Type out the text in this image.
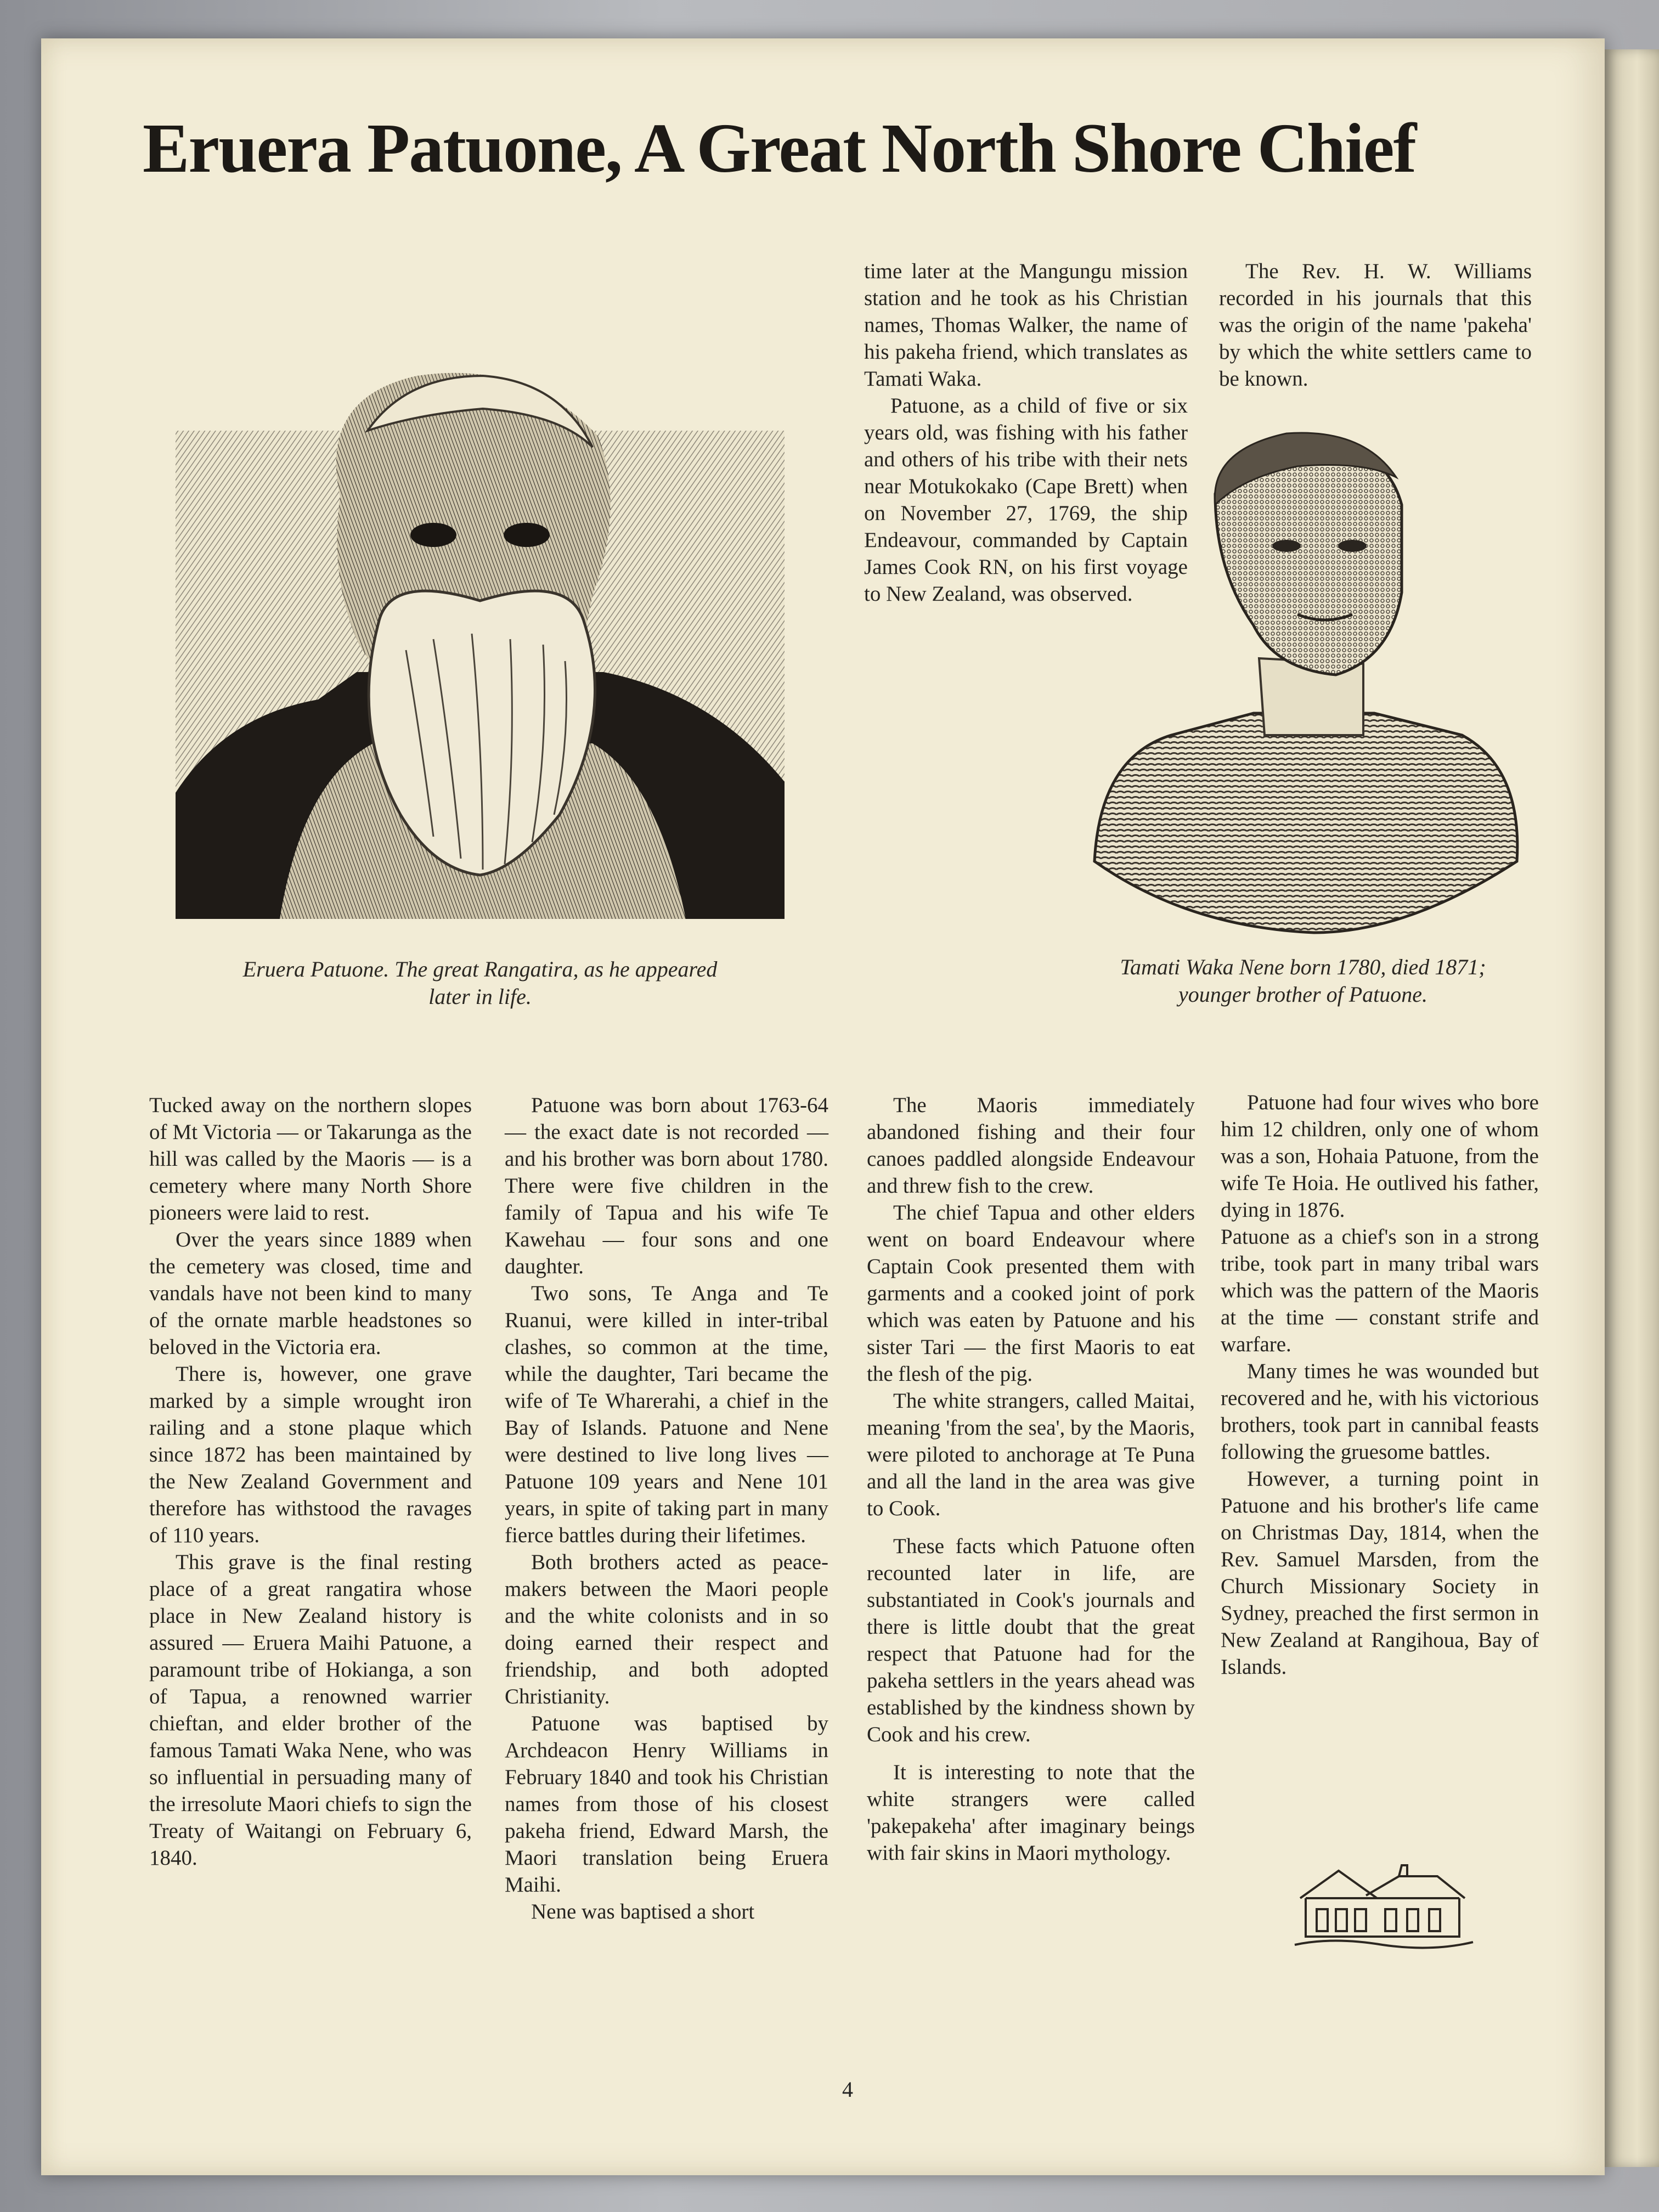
Eruera Patuone, A Great North Shore Chief
Eruera Patuone. The great Rangatira, as he appeared
later in life.
Tamati Waka Nene born 1780, died 1871;
younger brother of Patuone.

time later at the Mangungu mission station and he took as his Christian names, Thomas Walker, the name of his pakeha friend, which translates as Tamati Waka.

Patuone, as a child of five or six years old, was fishing with his father and others of his tribe with their nets near Motukokako (Cape Brett) when on November 27, 1769, the ship Endeavour, commanded by Captain James Cook RN, on his first voyage to New Zealand, was observed.

The Rev. H. W. Williams recorded in his journals that this was the origin of the name 'pakeha' by which the white settlers came to be known.

Tucked away on the northern slopes of Mt Victoria — or Takarunga as the hill was called by the Maoris — is a cemetery where many North Shore pioneers were laid to rest.

Over the years since 1889 when the cemetery was closed, time and vandals have not been kind to many of the ornate marble headstones so beloved in the Victoria era.

There is, however, one grave marked by a simple wrought iron railing and a stone plaque which since 1872 has been maintained by the New Zealand Government and therefore has withstood the ravages of 110 years.

This grave is the final resting place of a great rangatira whose place in New Zealand history is assured — Eruera Maihi Patuone, a paramount tribe of Hokianga, a son of Tapua, a renowned warrier chieftan, and elder brother of the famous Tamati Waka Nene, who was so influential in persuading many of the irresolute Maori chiefs to sign the Treaty of Waitangi on February 6, 1840.

Patuone was born about 1763-64 — the exact date is not recorded — and his brother was born about 1780. There were five children in the family of Tapua and his wife Te Kawehau — four sons and one daughter.

Two sons, Te Anga and Te Ruanui, were killed in inter-tribal clashes, so common at the time, while the daughter, Tari became the wife of Te Wharerahi, a chief in the Bay of Islands. Patuone and Nene were destined to live long lives — Patuone 109 years and Nene 101 years, in spite of taking part in many fierce battles during their lifetimes.

Both brothers acted as peace-makers between the Maori people and the white colonists and in so doing earned their respect and friendship, and both adopted Christianity.

Patuone was baptised by Archdeacon Henry Williams in February 1840 and took his Christian names from those of his closest pakeha friend, Edward Marsh, the Maori translation being Eruera Maihi.

Nene was baptised a short

The Maoris immediately abandoned fishing and their four canoes paddled alongside Endeavour and threw fish to the crew.

The chief Tapua and other elders went on board Endeavour where Captain Cook presented them with garments and a cooked joint of pork which was eaten by Patuone and his sister Tari — the first Maoris to eat the flesh of the pig.

The white strangers, called Maitai, meaning 'from the sea', by the Maoris, were piloted to anchorage at Te Puna and all the land in the area was give to Cook.

These facts which Patuone often recounted later in life, are substantiated in Cook's journals and there is little doubt that the great respect that Patuone had for the pakeha settlers in the years ahead was established by the kindness shown by Cook and his crew.

It is interesting to note that the white strangers were called 'pakepakeha' after imaginary beings with fair skins in Maori mythology.

Patuone had four wives who bore him 12 children, only one of whom was a son, Hohaia Patuone, from the wife Te Hoia. He outlived his father, dying in 1876.

Patuone as a chief's son in a strong tribe, took part in many tribal wars which was the pattern of the Maoris at the time — constant strife and warfare.

Many times he was wounded but recovered and he, with his victorious brothers, took part in cannibal feasts following the gruesome battles.

However, a turning point in Patuone and his brother's life came on Christmas Day, 1814, when the Rev. Samuel Marsden, from the Church Missionary Society in Sydney, preached the first sermon in New Zealand at Rangihoua, Bay of Islands.

4
